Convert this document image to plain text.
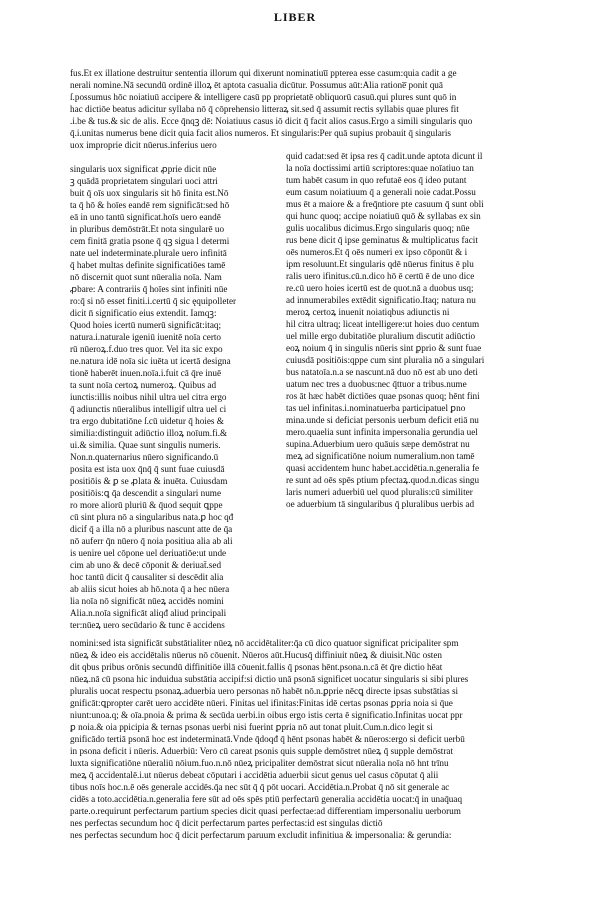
LIBER
fus.Et ex illatione destruitur sententia illorum qui dixerunt nominatiuu̅ ppterea esse casum:quia cadit a ge
nerali nomine.Nā secundū ordinē illoꝝ ēt aptota casualia dicūtur. Possumus aūt:Alia ratione̅ ponit quā
ſ.possumus hōc noiatiuū accipere & intelligere casū pp proprietatē obliquorū casuū.qui plures sunt quō in
hac dictiōe beatus adicitur syllaba nō q̄ cōprehensio litteraꝝ sit.sed q̄ assumit rectis syllabis quae plures fit
.i.be & tus.& sic de alis. Ecce q̄nqꝫ dē: Noiatiuus casus iō dicit q̄ facit alios casus.Ergo a simili singularis quo
q̄.i.unitas numerus bene dicit quia facit alios numeros. Et singularis:Per quā supius probauit q̄ singularis
uox improprie dicit nūerus.inferius uero
singularis uox significat ꝓprie dicit nūe
ꝫ quādā proprietatem singulari uoci attri
buit q̄ oīs uox singularis sit hō finita est.Nō
ta q̄ hō & hoīes eandē rem significāt:sed hō
eā in uno tantū significat.hoīs uero eandē
in pluribus demōstrāt.Et nota singularē uo
cem finitā gratia psone q̄ qꝫ sigua l determi
nate uel indeterminate.plurale uero infinitā
q̄ habet multas definite significatiōes tamē
nō discernit quot sunt nūeralia noīa. Nam
ꝓbare: A contrariis q̄ hoīes sint infiniti nūe
ro:q̄ si nō esset finiti.i.certū q̄ sic ęquipolleter
dicit n̄ significatio eius extendit. Iamqꝫ:
Quod hoies icertū numerū significāt:itaq;
natura.i.naturale igeniū iuenitē noīa certo
rū nūeroꝝ.f.duo tres quor. Vel ita sic expo
ne.natura idē noīa sic iuēta ut icertā designa
tionē haberēt inuen.noīa.i.fuit cā q̄re inuē
ta sunt noīa certoꝝ numeroꝝ. Quibus ad
iunctis:illis noibus nihil ultra uel citra ergo
q̄ adiunctis nūeralibus intelligif ultra uel ci
tra ergo dubitatiōne ſ.cū uidetur q̄ hoies &
similia:distinguit adiūctio illoꝝ noīum.fi.&
ui.& similia. Quae sunt singulis numeris.
Non.n.quaternarius nūero significando.ū
posita est ista uox q̄nq̄ q̄ sunt fuae cuiusdā
positiōis & ꝑ se ꝓlata & inuēta. Cuiusdam
positiōis:ꝗ q̄a descendit a singulari nume
ro more aliorū pluriū & q̄uod sequit ꝗppe
cū sint plura nō a singularibus nata.ꝑ hoc qđ
dicif q̄ a illa nō a pluribus nascunt atte de q̄a
nō auferr q̄n nūero q̄ noia positiua alia ab ali
is uenire uel cōpone uel deriuatiōe:ut unde
cim ab uno & decē cōponit & deriuat̄.sed
hoc tantū dicit q̄ causaliter si descēdit alia
ab aliis sicut hoies ab hō.nota q̄ a hec nūera
lia noīa nō significāt nūeꝝ accidēs nomini
Alia.n.noīa significāt aliqđ aliud principali
ter:nūeꝝ uero secūdario & tunc ē accidens
quid cadat:sed ēt ipsa res q̄ cadit.unde aptota dicunt il
la noīa doctissimi artiū scriptores:quae noīatiuo tan
tum habēt casum in quo refutaē eos q̄ ideo putant
eum casum noiatiuum q̄ a generali noie cadat.Possu
mus ēt a maiore & a freq̄ntiore pte casuum q̄ sunt obli
qui hunc quoq; accipe noiatiuū quō & syllabas ex sin
gulis uocalibus dicimus.Ergo singularis quoq; nūe
rus bene dicit q̄ ipse geminatus & multiplicatus facit
oēs numeros.Et q̄ oēs numeri ex ipso cōponūt & i
ipm resoluunt.Et singularis qdē nūerus finitus ē plu
ralis uero ifinitus.cū.n.dico hō ē certū ē de uno dice
re.cū uero hoies icertū est de quot.nā a duobus usq;
ad innumerabiles extēdit significatio.Itaq; natura nu
meroꝝ certoꝝ inuenit noiatiqbus adiunctis ni
hil citra ultraq; liceat intelligere:ut hoies duo centum
uel mille ergo dubitatiōe pluralium discutit adiūctio
eoꝝ noium q̄ in singulis nūeris sint ꝑprio & sunt fuae
cuiusdā positiōis:qppe cum sint pluralia nō a singulari
bus natatoīa.n.a se nascunt.nā duo nō est ab uno deti
uatum nec tres a duobus:nec q̄ttuor a tribus.nume
ros āt hæc habēt dictiōes quae psonas quoq; hēnt fini
tas uel infinitas.i.nominatuerba participatuel ꝑno
mina.unde si deficiat personis uerbum deficit etiā nu
mero.quaelia sunt infinita impersonalia gerundia uel
supina.Aduerbium uero quāuis sæpe demōstrat nu
meꝝ ad significatiōne noium numeralium.non tamē
quasi accidentem hunc habet.accidētia.n.generalia fe
re sunt ad oēs spēs ptium pfectaꝝ.quod.n.dicas singu
laris numeri aduerbiū uel quod pluralis:cū similiter
oe aduerbium tā singularibus q̄ pluralibus uerbis ad
nomini:sed ista significāt substātialiter nūeꝝ nō accidētaliter:q̄a cū dico quatuor significat pricipaliter spm
nūeꝝ & ideo eis accidētalis nūerus nō cōuenit. Nūeros aūt.Hucusq̄ diffiniuit nūeꝝ & diuisit.Nūc osten
dit qbus pribus orōnis secundū diffinitiōe illā cōuenit.fallis q̄ psonas hēnt.psona.n.cā ēt q̄re dictio hēat
nūeꝝ.nā cū psona hic induidua substātia accipif:si dictio unā psonā significet uocatur singularis si sibi plures
pluralis uocat respectu psonaꝝ.aduerbia uero personas nō habēt nō.n.ꝑprie nēcꝗ directe ipsas substātias si
gnificāt:ꝗpropter carēt uero accidēte nūeri. Finitas uel ifinitas:Finitas idē certas psonas ꝑpria noia si q̄ue
niunt:unoa.q; & oīa.pnoia & prima & secūda uerbi.in oibus ergo istis certa ē significatio.Infinitas uocat ppr
ꝑ noia.& oia ppicipia & ternas psonas uerbi nisi fuerint ꝑpria nō aut tonat pluit.Cum.n.dico legit si
gnificādo tertiā psonā hoc est indeterminatā.Vnde q̄doqđ q̄ hēnt psonas habēt & nūeros:ergo si deficit uerbū
in psona deficit i nūeris. Aduerbiū: Vero cū careat psonis quis supple demōstret nūeꝝ q̄ supple demōstrat
luxta significatiōne nūeraliū nōium.fuo.n.nō nūeꝝ pricipaliter demōstrat sicut nūeralia noīa nō hnt trīnu
meꝝ q̄ accidentalē.i.ut nūerus debeat cōputari i accidētia aduerbii sicut genus uel casus cōputat q̄ alii
tibus noīs hoc.n.ē oēs generale accidēs.q̄a nec sūt q̄ q̄ pōt uocari. Accidētia.n.Probat q̄ nō sit generale ac
cidēs a toto.accidētia.n.generalia fere sūt ad oēs spēs ptiū perfectarū generalia accidētia uocat:q̄ in unaq̄uaq
parte.o.requirunt perfectarum partium species dicit quasi perfectae:ad differentiam impersonaliu uerborum
nes perfectas secundum hoc q̄ dicit perfectarum partes perfectas:id est singulas dictiō
nes perfectas secundum hoc q̄ dicit perfectarum paruum excludit infinitiua & impersonalia: & gerundia:
